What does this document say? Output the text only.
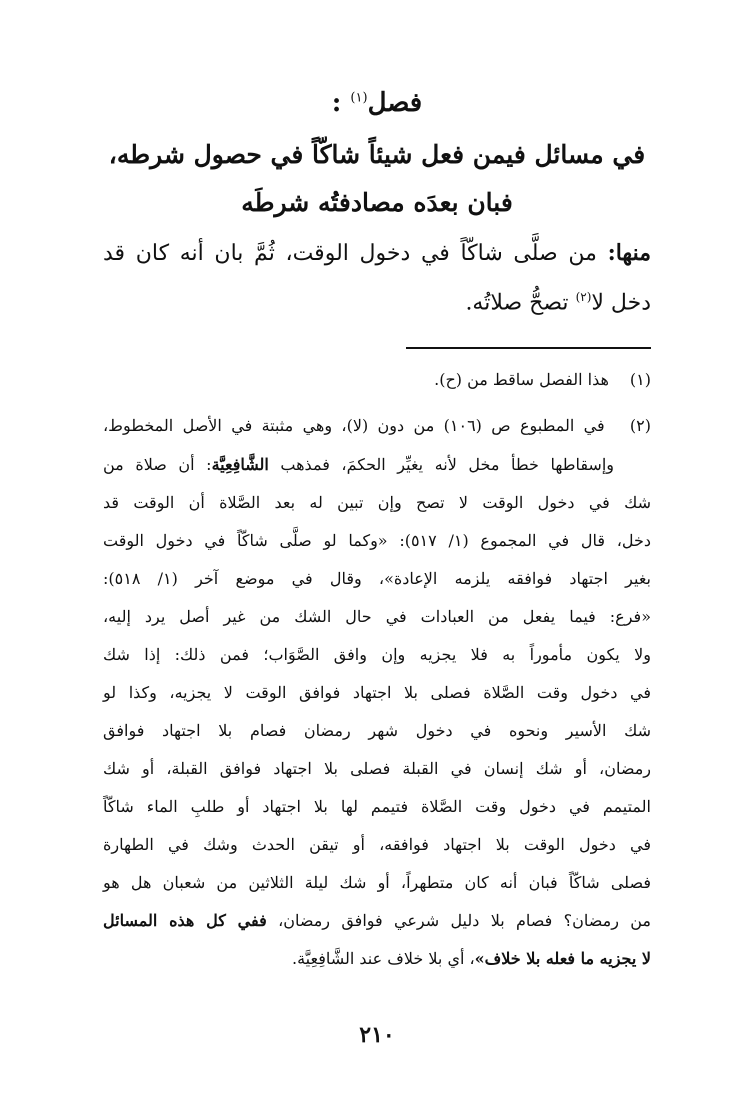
فصل$^{(١)}$ :
في مسائل فيمن فعل شيئاً شاكّاً في حصول شرطه،
فبان بعدَه مصادفتُه شرطَه
منها: من صلَّى شاكّاً في دخول الوقت، ثُمَّ بان أنه كان قد
دخل لا$^{(٢)}$ تصحُّ صلاتُه.
(١) هذا الفصل ساقط من (ح).
(٢) في المطبوع ص (١٠٦) من دون (لا)، وهي مثبتة في الأصل المخطوط،
وإسقاطها خطأ مخل لأنه يغيِّر الحكمَ، فمذهب الشَّافِعِيَّة: أن صلاة من
شك في دخول الوقت لا تصح وإن تبين له بعد الصَّلاة أن الوقت قد
دخل، قال في المجموع (١/ ٥١٧): «وكما لو صلَّى شاكّاً في دخول الوقت
بغير اجتهاد فوافقه يلزمه الإعادة»، وقال في موضع آخر (١/ ٥١٨):
«فرع: فيما يفعل من العبادات في حال الشك من غير أصل يرد إليه،
ولا يكون مأموراً به فلا يجزيه وإن وافق الصَّوَاب؛ فمن ذلك: إذا شك
في دخول وقت الصَّلاة فصلى بلا اجتهاد فوافق الوقت لا يجزيه، وكذا لو
شك الأسير ونحوه في دخول شهر رمضان فصام بلا اجتهاد فوافق
رمضان، أو شك إنسان في القبلة فصلى بلا اجتهاد فوافق القبلة، أو شك
المتيمم في دخول وقت الصَّلاة فتيمم لها بلا اجتهاد أو طلبِ الماء شاكّاً
في دخول الوقت بلا اجتهاد فوافقه، أو تيقن الحدث وشك في الطهارة
فصلى شاكّاً فبان أنه كان متطهراً، أو شك ليلة الثلاثين من شعبان هل هو
من رمضان؟ فصام بلا دليل شرعي فوافق رمضان، ففي كل هذه المسائل
لا يجزيه ما فعله بلا خلاف»، أي بلا خلاف عند الشَّافِعِيَّة.
٢١٠
